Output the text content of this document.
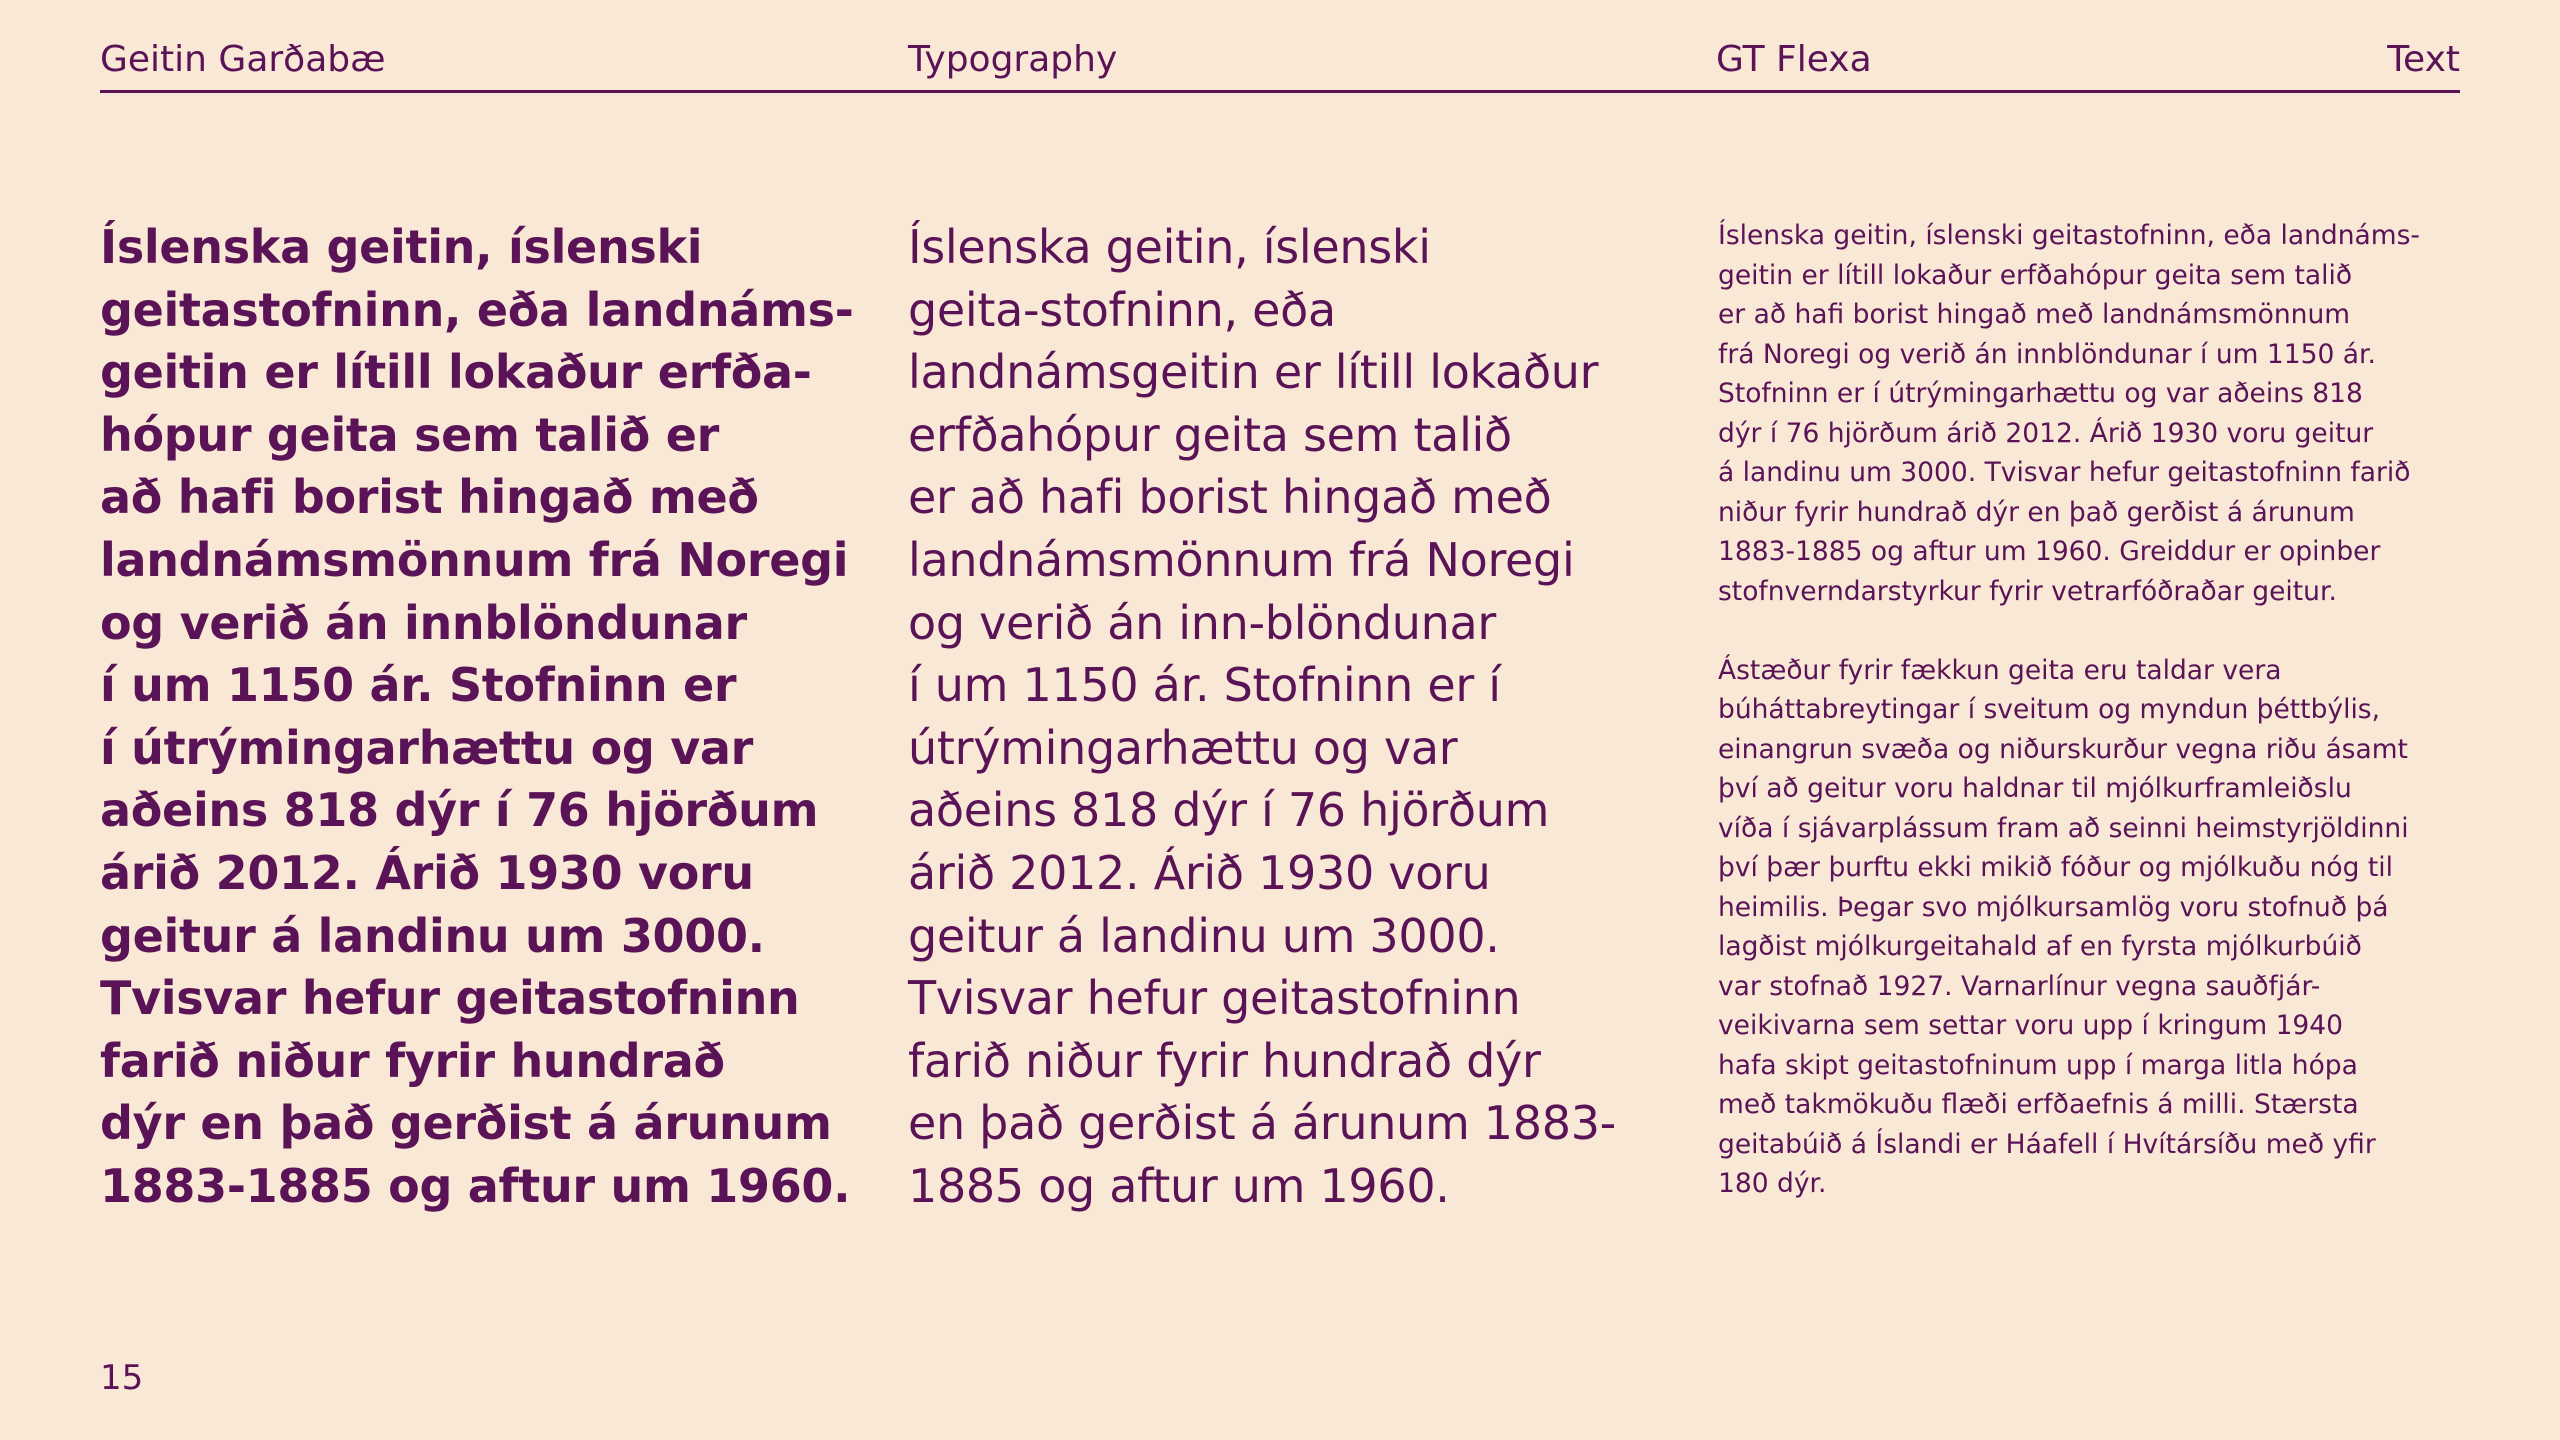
Geitin Garðabæ	Typography	GT Flexa	Text
Íslenska geitin, íslenski
geitastofninn, eða landnáms-
geitin er lítill lokaður erfða-
hópur geita sem talið er
að hafi borist hingað með
landnámsmönnum frá Noregi
og verið án innblöndunar
í um 1150 ár. Stofninn er
í útrýmingarhættu og var
aðeins 818 dýr í 76 hjörðum
árið 2012. Árið 1930 voru
geitur á landinu um 3000.
Tvisvar hefur geitastofninn
farið niður fyrir hundrað
dýr en það gerðist á árunum
1883-1885 og aftur um 1960.
Íslenska geitin, íslenski
geita-stofninn, eða
landnámsgeitin er lítill lokaður
erfðahópur geita sem talið
er að hafi borist hingað með
landnámsmönnum frá Noregi
og verið án inn-blöndunar
í um 1150 ár. Stofninn er í
útrýmingarhættu og var
aðeins 818 dýr í 76 hjörðum
árið 2012. Árið 1930 voru
geitur á landinu um 3000.
Tvisvar hefur geitastofninn
farið niður fyrir hundrað dýr
en það gerðist á árunum 1883-
1885 og aftur um 1960.
Íslenska geitin, íslenski geitastofninn, eða landnáms-
geitin er lítill lokaður erfðahópur geita sem talið
er að hafi borist hingað með landnámsmönnum
frá Noregi og verið án innblöndunar í um 1150 ár.
Stofninn er í útrýmingarhættu og var aðeins 818
dýr í 76 hjörðum árið 2012. Árið 1930 voru geitur
á landinu um 3000. Tvisvar hefur geitastofninn farið
niður fyrir hundrað dýr en það gerðist á árunum
1883-1885 og aftur um 1960. Greiddur er opinber
stofnverndarstyrkur fyrir vetrarfóðraðar geitur.
Ástæður fyrir fækkun geita eru taldar vera
búháttabreytingar í sveitum og myndun þéttbýlis,
einangrun svæða og niðurskurður vegna riðu ásamt
því að geitur voru haldnar til mjólkurframleiðslu
víða í sjávarplássum fram að seinni heimstyrjöldinni
því þær þurftu ekki mikið fóður og mjólkuðu nóg til
heimilis. Þegar svo mjólkursamlög voru stofnuð þá
lagðist mjólkurgeitahald af en fyrsta mjólkurbúið
var stofnað 1927. Varnarlínur vegna sauðfjár-
veikivarna sem settar voru upp í kringum 1940
hafa skipt geitastofninum upp í marga litla hópa
með takmökuðu flæði erfðaefnis á milli. Stærsta
geitabúið á Íslandi er Háafell í Hvítársíðu með yfir
180 dýr.
15
